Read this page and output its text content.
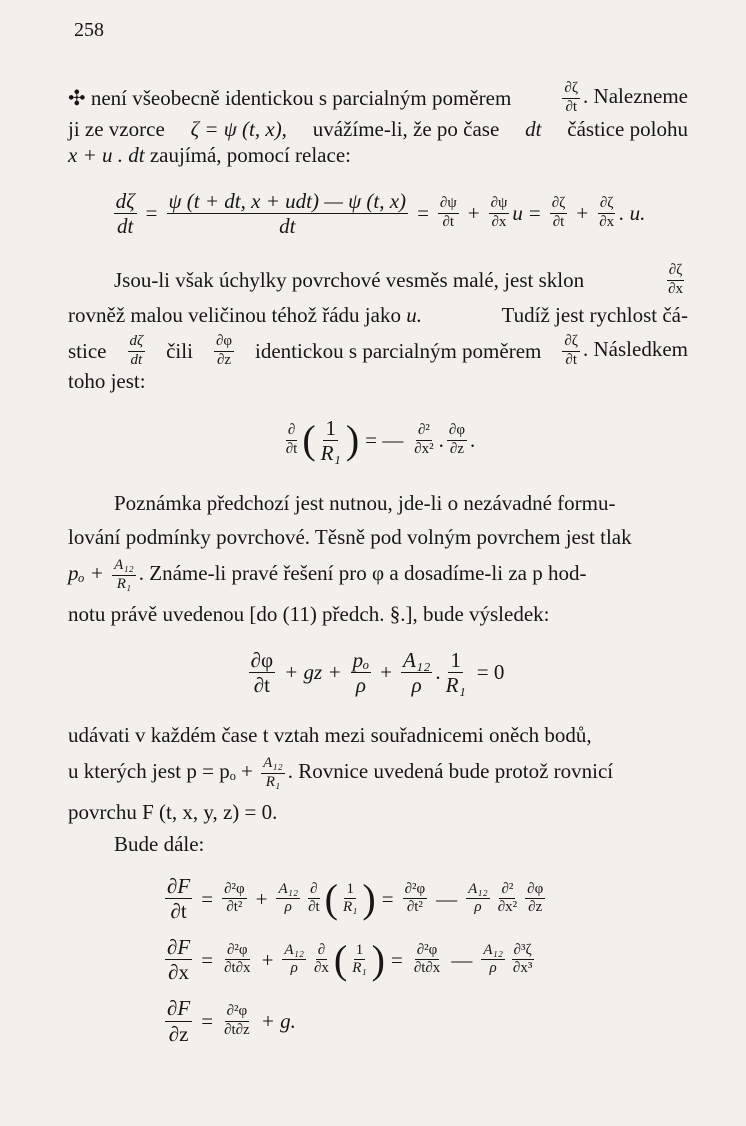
258
✣ není všeobecně identickou s parcialným poměrem	$\frac{\partial\zeta}{\partial t}$ . Nalezneme
ji ze vzorce ζ = ψ (t, x), uvážíme-li, že po čase dt částice polohu

x + u . dt zaujímá, pomocí relace:

$\frac{d\zeta}{dt} = \frac{\text{ψ (t + dt, x + udt) — ψ (t, x)}}{dt} = \frac{\partial\psi}{\partial t} + \frac{\partial\psi}{\partial x}$ $u = \frac{\partial\zeta}{\partial t} + \frac{\partial\zeta}{\partial x}$ . u.
Jsou-li však úchylky povrchové vesměs malé, jest sklon	$\frac{\partial\zeta}{\partial x}$
rovněž malou veličinou téhož řádu jako u.	Tudíž jest rychlost čá-
stice $\frac{d\zeta}{dt}$ čili $\frac{\partial\varphi}{\partial z}$ identickou s parcialným poměrem $\frac{\partial\zeta}{\partial t}$ . Následkem

toho jest:

$\frac{\partial}{\partial t}$ ( $\frac{1}{\text{R₁}}$ ) = — $\frac{\text{∂²}}{\text{∂x²}}$ . $\frac{\partial\varphi}{\partial z}$ .

Poznámka předchozí jest nutnou, jde-li o nezávadné formu-

lování podmínky povrchové. Těsně pod volným povrchem jest tlak

$p_o + \frac{\text{A₁₂}}{\text{R₁}}$ . Známe-li pravé řešení pro φ a dosadíme-li za p hod-

notu právě uvedenou [do (11) předch. §.], bude výsledek:

$\frac{\partial\varphi}{\partial t}$ + gz + $\frac{\text{pₒ}}{\rho} + \frac{\text{A₁₂}}{\rho}$ . $\frac{1}{\text{R₁}} = 0$

udávati v každém čase t vztah mezi souřadnicemi oněch bodů,

u kterých jest $p = p_o + \frac{\text{A₁₂}}{\text{R₁}}$ . Rovnice uvedená bude protož rovnicí

povrchu F (t, x, y, z) = 0.

Bude dále:

$\frac{\partial F}{\partial t} = \frac{\text{∂²φ}}{\text{∂t²}} + \frac{\text{A₁₂}}{\rho} \frac{\partial}{\partial t}$ ( $\frac{1}{\text{R₁}}$ ) = $\frac{\text{∂²φ}}{\text{∂t²}}$ — $\frac{\text{A₁₂}}{\rho} \frac{\text{∂²}}{\text{∂x²}} \frac{\partial\varphi}{\partial z}$
$\frac{\partial F}{\partial x} = \frac{\text{∂²φ}}{\partial t\partial x} + \frac{\text{A₁₂}}{\rho} \frac{\partial}{\partial x}$ ( $\frac{1}{\text{R₁}}$ ) = $\frac{\text{∂²φ}}{\partial t\partial x}$ — $\frac{\text{A₁₂}}{\rho} \frac{\text{∂³ζ}}{\text{∂x³}}$
$\frac{\partial F}{\partial z} = \frac{\text{∂²φ}}{\partial t\partial z} + g$.
